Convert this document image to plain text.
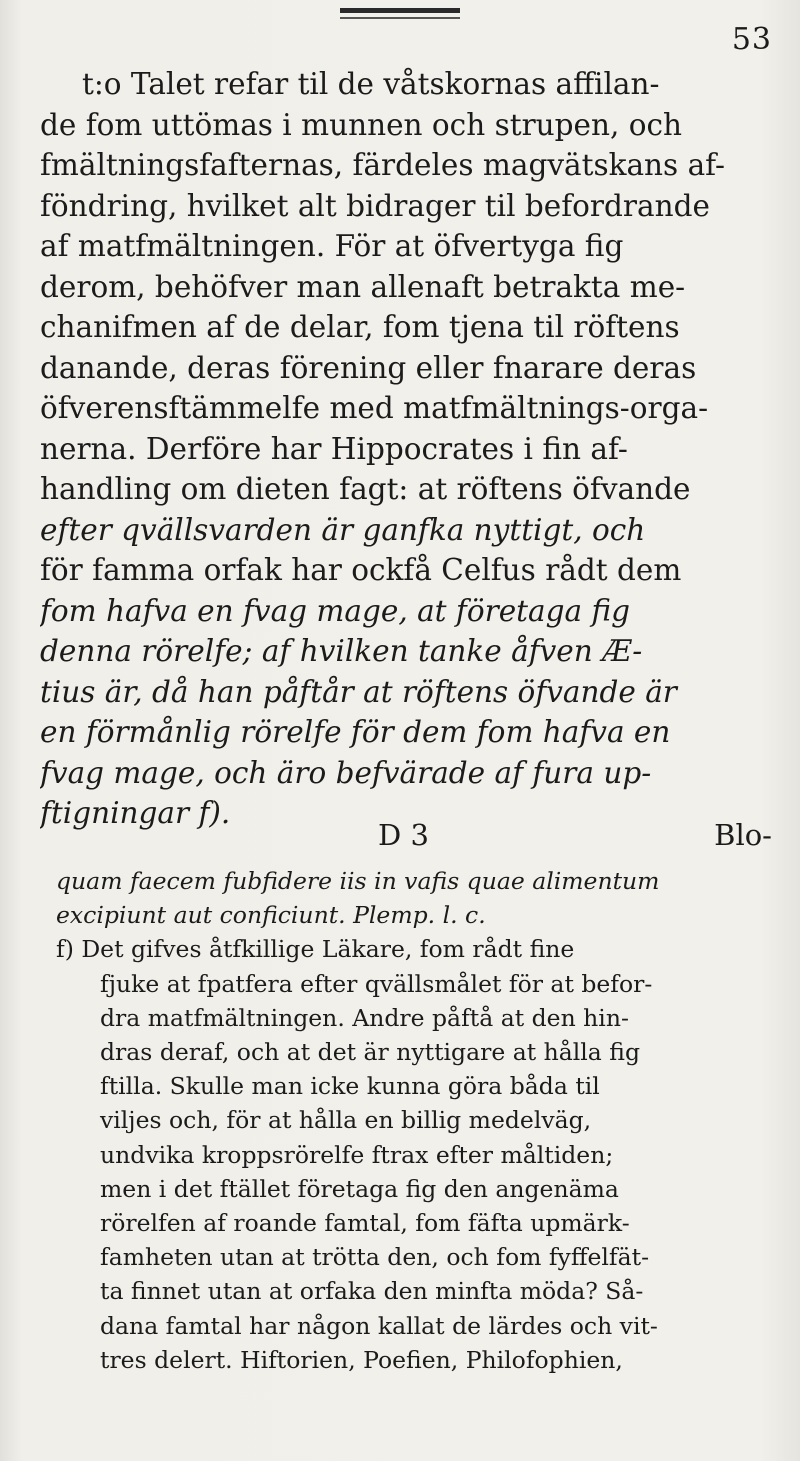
53
t:o Talet refar til de våtskornas affilan-
de fom uttömas i munnen och strupen, och
fmältningsfafternas, färdeles magvätskans af-
föndring, hvilket alt bidrager til befordrande
af matfmältningen. För at öfvertyga fig
derom, behöfver man allenaft betrakta me-
chanifmen af de delar, fom tjena til röftens
danande, deras förening eller fnarare deras
öfverensftämmelfe med matfmältnings-orga-
nerna. Derföre har Hippocrates i fin af-
handling om dieten fagt: at röftens öfvande
efter qvällsvarden är ganfka nyttigt, och
för famma orfak har ockfå Celfus rådt dem
fom hafva en fvag mage, at företaga fig
denna rörelfe; af hvilken tanke åfven Æ-
tius är, då han påftår at röftens öfvande är
en förmånlig rörelfe för dem fom hafva en
fvag mage, och äro befvärade af fura up-
ftigningar f).
D 3	Blo-
quam faecem fubfidere iis in vafis quae alimentum
excipiunt aut conficiunt. Plemp. l. c.
f) Det gifves åtfkillige Läkare, fom rådt fine
fjuke at fpatfera efter qvällsmålet för at befor-
dra matfmältningen. Andre påftå at den hin-
dras deraf, och at det är nyttigare at hålla fig
ftilla. Skulle man icke kunna göra båda til
viljes och, för at hålla en billig medelväg,
undvika kroppsrörelfe ftrax efter måltiden;
men i det ftället företaga fig den angenäma
rörelfen af roande famtal, fom fäfta upmärk-
famheten utan at trötta den, och fom fyffelfät-
ta finnet utan at orfaka den minfta möda? Så-
dana famtal har någon kallat de lärdes och vit-
tres delert. Hiftorien, Poefien, Philofophien,
